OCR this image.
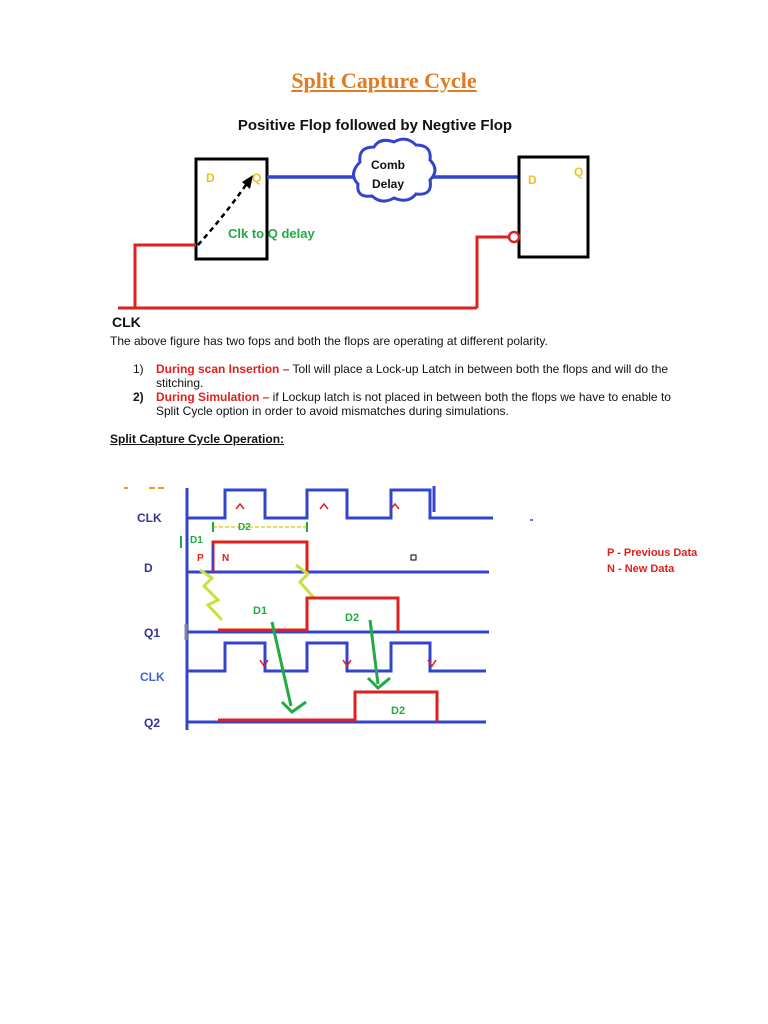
Split Capture Cycle
Positive Flop followed by Negtive Flop
D	Q
Clk to Q delay
Comb
Delay	D
Q
CLK
The above figure has two fops and both the flops are operating at different polarity.
1) During scan Insertion – Toll will place a Lock-up Latch in between both the flops and will do the
stitching.
2) During Simulation – if Lockup latch is not placed in between both the flops we have to enable to
Split Cycle option in order to avoid mismatches during simulations.
Split Capture Cycle Operation:
CLK
D
Q1
CLK
Q2
D2
D1
P N
D1
D2
D2
P - Previous Data
N - New Data
